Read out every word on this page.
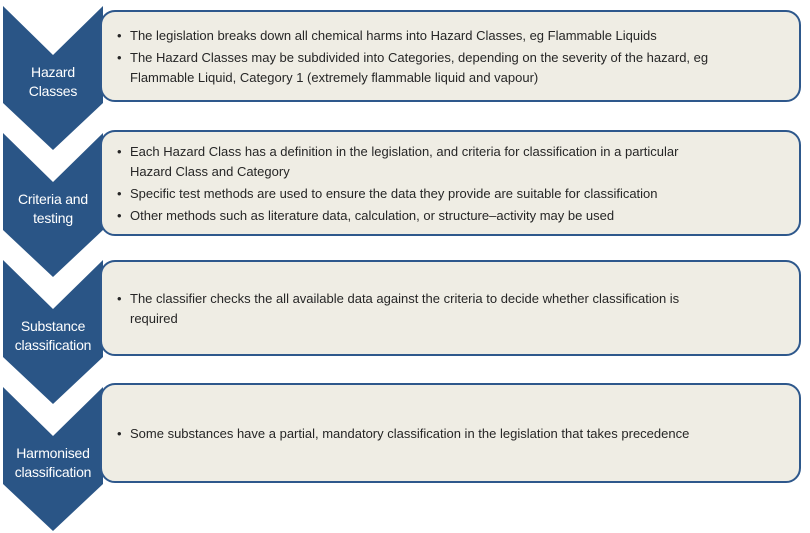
Hazard
Classes
• The legislation breaks down all chemical harms into Hazard Classes, eg Flammable Liquids
• The Hazard Classes may be subdivided into Categories, depending on the severity of the hazard, eg
Flammable Liquid, Category 1 (extremely flammable liquid and vapour)
Criteria and
testing
• Each Hazard Class has a definition in the legislation, and criteria for classification in a particular
Hazard Class and Category
• Specific test methods are used to ensure the data they provide are suitable for classification
• Other methods such as literature data, calculation, or structure–activity may be used
Substance
classification
• The classifier checks the all available data against the criteria to decide whether classification is
required
Harmonised
classification
• Some substances have a partial, mandatory classification in the legislation that takes precedence
